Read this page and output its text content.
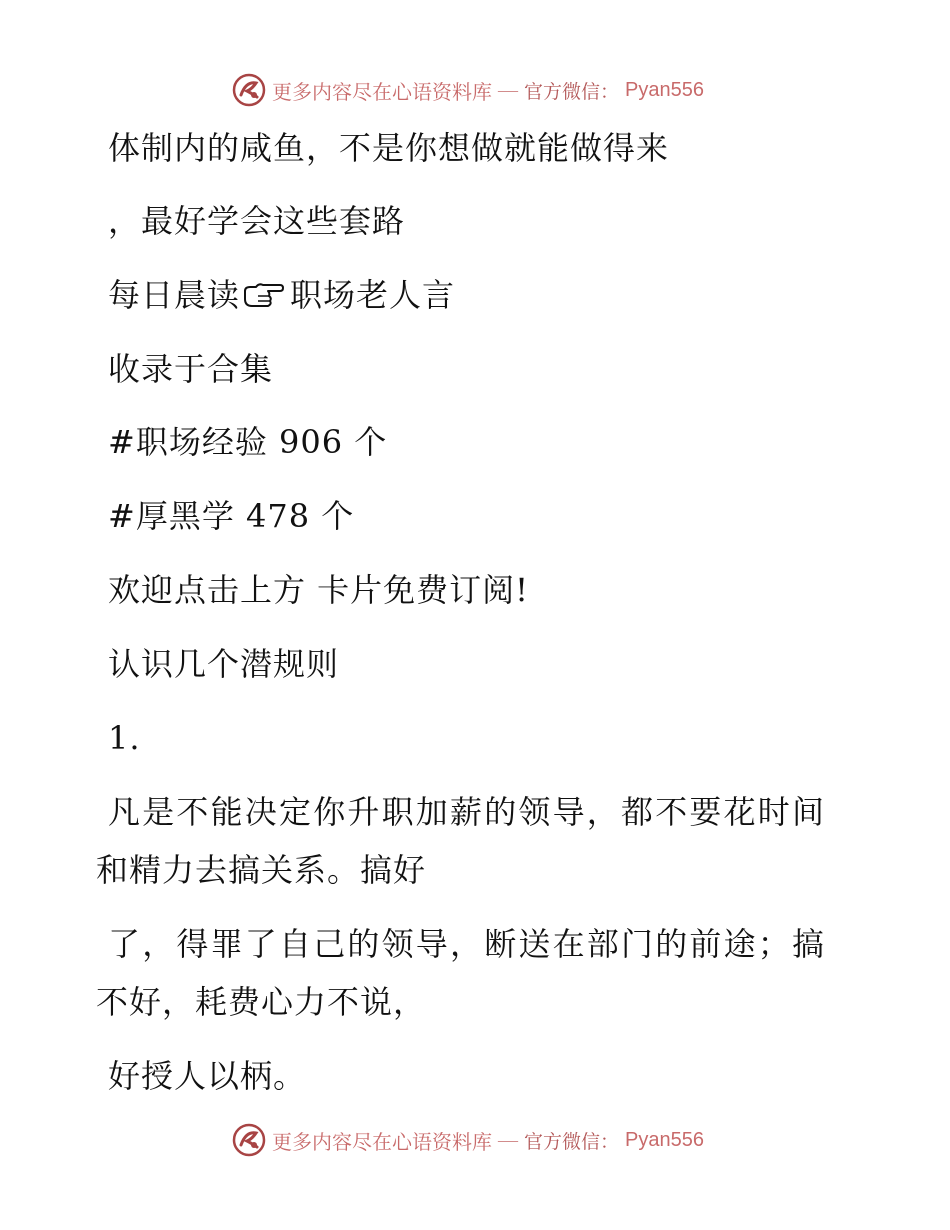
更多内容尽在心语资料库 — 官方微信： Pyan556
体制内的咸鱼，不是你想做就能做得来
，最好学会这些套路
每日晨读 职场老人言
收录于合集
#职场经验 906 个
#厚黑学 478 个
欢迎点击上方 卡片免费订阅!
认识几个潜规则
1.
凡是不能决定你升职加薪的领导，都不要花时间
和精力去搞关系。搞好
了，得罪了自己的领导，断送在部门的前途；搞
不好，耗费心力不说，
好授人以柄。
更多内容尽在心语资料库 — 官方微信： Pyan556
